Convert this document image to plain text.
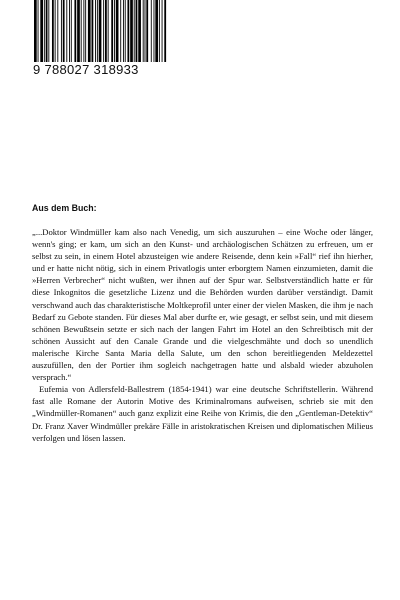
9 788027 318933
Aus dem Buch:

„...Doktor Windmüller kam also nach Venedig, um sich auszuruhen – eine Woche oder länger, wenn's ging; er kam, um sich an den Kunst- und archäologischen Schätzen zu erfreuen, um er selbst zu sein, in einem Hotel abzusteigen wie andere Reisende, denn kein »Fall“ rief ihn hierher, und er hatte nicht nötig, sich in einem Privatlogis unter erborgtem Namen einzumieten, damit die »Herren Verbrecher“ nicht wußten, wer ihnen auf der Spur war. Selbstverständlich hatte er für diese Inkognitos die gesetzliche Lizenz und die Behörden wurden darüber verständigt. Damit verschwand auch das charakteristische Moltkeprofil unter einer der vielen Masken, die ihm je nach Bedarf zu Gebote standen. Für dieses Mal aber durfte er, wie gesagt, er selbst sein, und mit diesem schönen Bewußtsein setzte er sich nach der langen Fahrt im Hotel an den Schreibtisch mit der schönen Aussicht auf den Canale Grande und die vielgeschmähte und doch so unendlich malerische Kirche Santa Maria della Salute, um den schon bereitliegenden Meldezettel auszufüllen, den der Portier ihm sogleich nachgetragen hatte und alsbald wieder abzuholen versprach.“

Eufemia von Adlersfeld-Ballestrem (1854-1941) war eine deutsche Schriftstellerin. Während fast alle Romane der Autorin Motive des Kriminalromans aufweisen, schrieb sie mit den „Windmüller-Romanen“ auch ganz explizit eine Reihe von Krimis, die den „Gentleman-Detektiv“ Dr. Franz Xaver Windmüller prekäre Fälle in aristokratischen Kreisen und diplomatischen Milieus verfolgen und lösen lassen.
